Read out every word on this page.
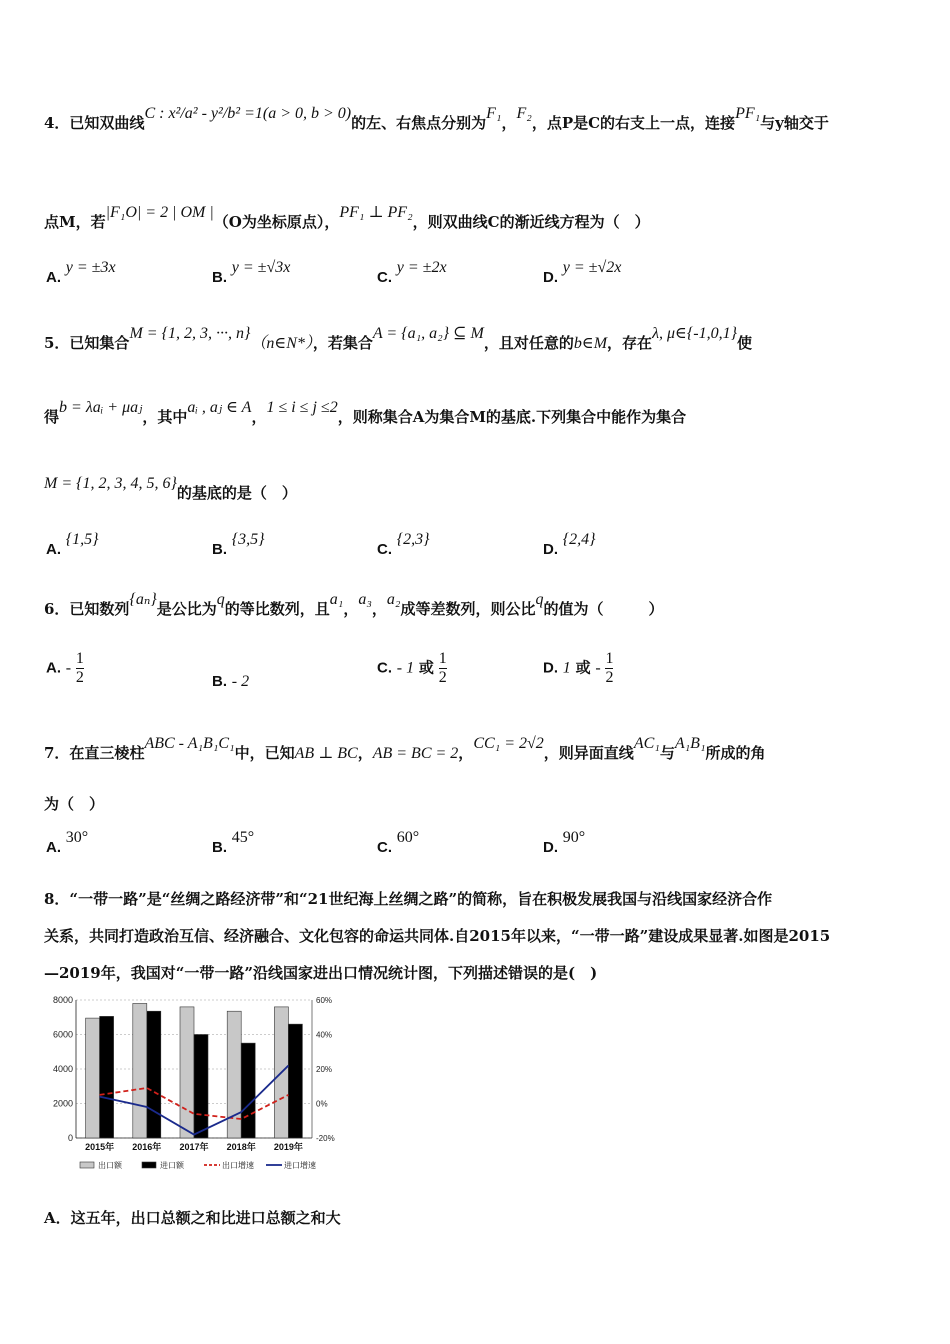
4．已知双曲线C : x²/a² - y²/b² =1(a > 0, b > 0)的左、右焦点分别为F₁，F₂，点P是C的右支上一点，连接PF₁与y轴交于
点M，若|F₁O| = 2 | OM |（O为坐标原点），PF₁ ⊥ PF₂，则双曲线C的渐近线方程为（　）
A. y = ±3x
B. y = ±√3x
C. y = ±2x
D. y = ±√2x
5．已知集合M = {1, 2, 3, ···, n}（n∈N*），若集合A = {a₁, a₂} ⊆ M，且对任意的b∈M，存在λ, μ∈{-1,0,1}使
得b = λaᵢ + μaⱼ，其中aᵢ , aⱼ ∈ A，1 ≤ i ≤ j ≤2，则称集合A为集合M的基底.下列集合中能作为集合
M = {1, 2, 3, 4, 5, 6}的基底的是（　）
A. {1,5}
B. {3,5}
C. {2,3}
D. {2,4}
6．已知数列{aₙ}是公比为q的等比数列，且a₁，a₃，a₂成等差数列，则公比q的值为（　　　）
A. - $\frac{1}{2}$	B. - 2
C. - 1 或 $\frac{1}{2}$	D. 1 或 - $\frac{1}{2}$
7．在直三棱柱ABC - A₁B₁C₁中，已知AB ⊥ BC，AB = BC = 2，CC₁ = 2√2，则异面直线AC₁与A₁B₁所成的角
为（　）
A. 30°
B. 45°
C. 60°
D. 90°
8．“一带一路”是“丝绸之路经济带”和“21世纪海上丝绸之路”的简称，旨在积极发展我国与沿线国家经济合作
关系，共同打造政治互信、经济融合、文化包容的命运共同体.自2015年以来，“一带一路”建设成果显著.如图是2015
—2019年，我国对“一带一路”沿线国家进出口情况统计图，下列描述错误的是(　)
0
2000
4000
6000
8000
-20%
0%
20%
40%
60%
2015年 2016年 2017年 2018年 2019年
出口额	进口额	出口增速	进口增速
A．这五年，出口总额之和比进口总额之和大
